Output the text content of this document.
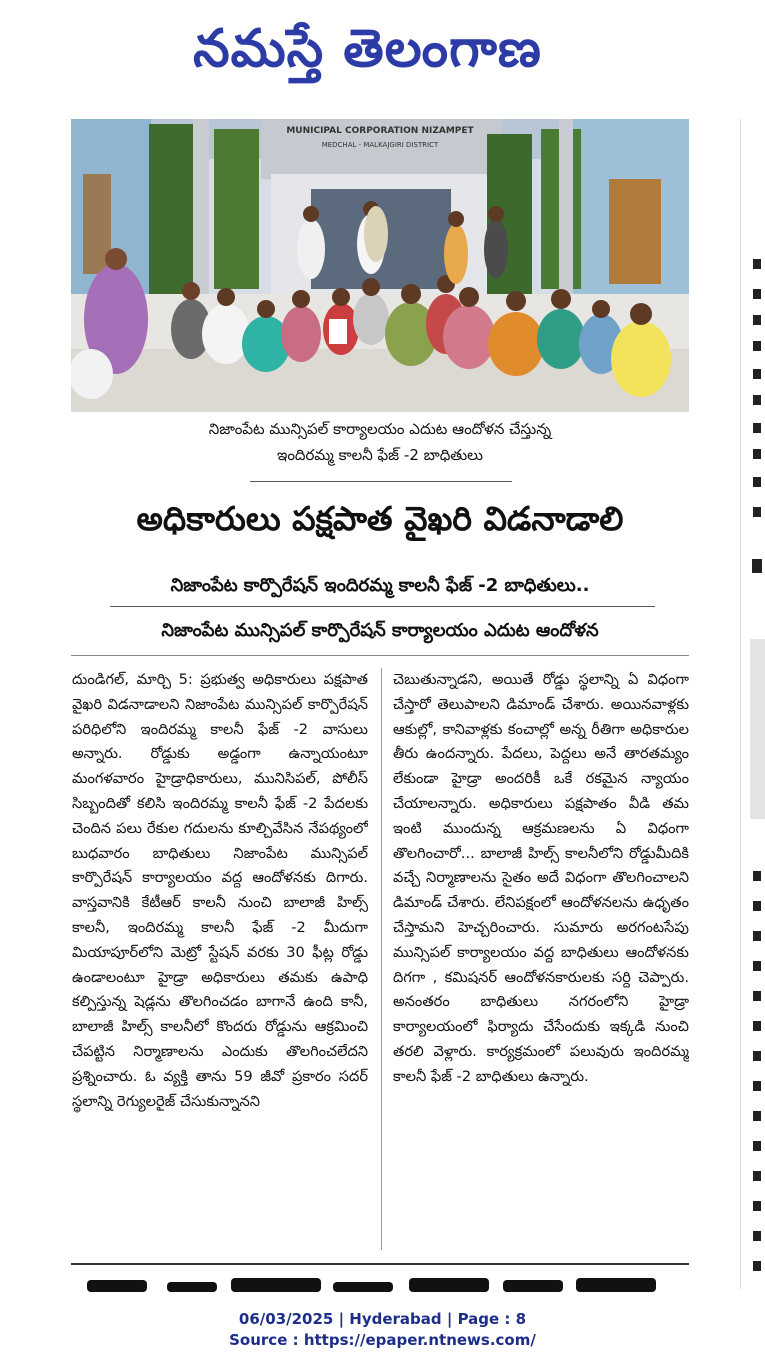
నమస్తే తెలంగాణ
MUNICIPAL CORPORATION NIZAMPET
MEDCHAL - MALKAJGIRI DISTRICT
నిజాంపేట మున్సిపల్ కార్యాలయం ఎదుట ఆందోళన చేస్తున్న
ఇందిరమ్మ కాలనీ ఫేజ్ -2 బాధితులు
అధికారులు పక్షపాత వైఖరి విడనాడాలి
నిజాంపేట కార్పొరేషన్ ఇందిరమ్మ కాలనీ ఫేజ్ -2 బాధితులు..
నిజాంపేట మున్సిపల్ కార్పొరేషన్ కార్యాలయం ఎదుట ఆందోళన
దుండిగల్, మార్చి 5: ప్రభుత్వ అధికారులు పక్షపాత వైఖరి విడనాడాలని నిజాంపేట మున్సిపల్ కార్పొరేషన్ పరిధిలోని ఇందిరమ్మ కాలనీ ఫేజ్ -2 వాసులు అన్నారు. రోడ్డుకు అడ్డంగా ఉన్నాయంటూ మంగళవారం హైడ్రాధికారులు, మునిసిపల్, పోలీస్ సిబ్బందితో కలిసి ఇందిరమ్మ కాలనీ ఫేజ్ -2 పేదలకు చెందిన పలు రేకుల గదులను కూల్చివేసిన నేపథ్యంలో బుధవారం బాధితులు నిజాంపేట మున్సిపల్ కార్పొరేషన్ కార్యాలయం వద్ద ఆందోళనకు దిగారు. వాస్తవానికి కేటీఆర్ కాలనీ నుంచి బాలాజీ హిల్స్ కాలనీ, ఇందిరమ్మ కాలనీ ఫేజ్ -2 మీదుగా మియాపూర్‌లోని మెట్రో స్టేషన్ వరకు 30 ఫీట్ల రోడ్డు ఉండాలంటూ హైడ్రా అధికారులు తమకు ఉపాధి కల్పిస్తున్న షెడ్లను తొలగించడం బాగానే ఉంది కానీ, బాలాజీ హిల్స్ కాలనీలో కొందరు రోడ్డును ఆక్రమించి చేపట్టిన నిర్మాణాలను ఎందుకు తొలగించలేదని ప్రశ్నించారు. ఓ వ్యక్తి తాను 59 జీవో ప్రకారం సదర్ స్థలాన్ని రెగ్యులరైజ్ చేసుకున్నానని
చెబుతున్నాడని, అయితే రోడ్డు స్థలాన్ని ఏ విధంగా చేస్తారో తెలుపాలని డిమాండ్ చేశారు. అయినవాళ్లకు ఆకుల్లో, కానివాళ్లకు కంచాల్లో అన్న రీతిగా అధికారుల తీరు ఉందన్నారు. పేదలు, పెద్దలు అనే తారతమ్యం లేకుండా హైడ్రా అందరికీ ఒకే రకమైన న్యాయం చేయాలన్నారు. అధికారులు పక్షపాతం వీడి తమ ఇంటి ముందున్న ఆక్రమణలను ఏ విధంగా తొలగించారో... బాలాజీ హిల్స్ కాలనీలోని రోడ్డుమీదికి వచ్చే నిర్మాణాలను సైతం అదే విధంగా తొలగించాలని డిమాండ్ చేశారు. లేనిపక్షంలో ఆందోళనలను ఉధృతం చేస్తామని హెచ్చరించారు. సుమారు అరగంటసేపు మున్సిపల్ కార్యాలయం వద్ద బాధితులు ఆందోళనకు దిగగా , కమిషనర్ ఆందోళనకారులకు సర్ది చెప్పారు. అనంతరం బాధితులు నగరంలోని హైడ్రా కార్యాలయంలో ఫిర్యాదు చేసేందుకు ఇక్కడి నుంచి తరలి వెళ్లారు. కార్యక్రమంలో పలువురు ఇందిరమ్మ కాలనీ ఫేజ్ -2 బాధితులు ఉన్నారు.
06/03/2025 | Hyderabad | Page : 8
Source : https://epaper.ntnews.com/
